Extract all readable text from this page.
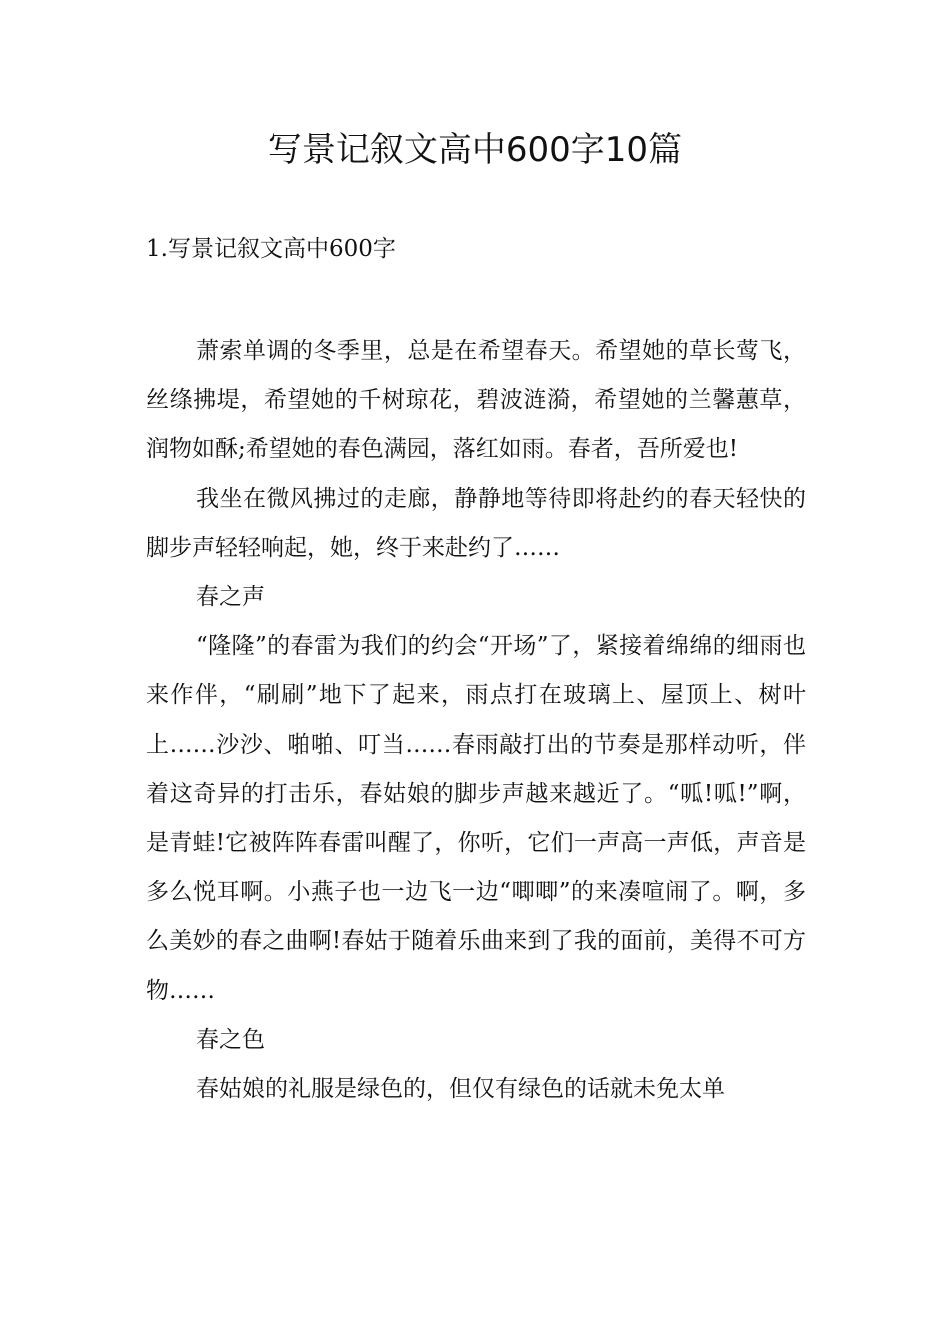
写景记叙文高中600字10篇
1.写景记叙文高中600字

萧索单调的冬季里，总是在希望春天。希望她的草长莺飞，丝绦拂堤，希望她的千树琼花，碧波涟漪，希望她的兰馨蕙草，润物如酥;希望她的春色满园，落红如雨。春者，吾所爱也!

我坐在微风拂过的走廊，静静地等待即将赴约的春天轻快的脚步声轻轻响起，她，终于来赴约了……

春之声

“隆隆”的春雷为我们的约会“开场”了，紧接着绵绵的细雨也来作伴，“刷刷”地下了起来，雨点打在玻璃上、屋顶上、树叶上……沙沙、啪啪、叮当……春雨敲打出的节奏是那样动听，伴着这奇异的打击乐，春姑娘的脚步声越来越近了。“呱!呱!”啊，是青蛙!它被阵阵春雷叫醒了，你听，它们一声高一声低，声音是多么悦耳啊。小燕子也一边飞一边“唧唧”的来凑喧闹了。啊，多么美妙的春之曲啊!春姑于随着乐曲来到了我的面前，美得不可方物……

春之色

春姑娘的礼服是绿色的，但仅有绿色的话就未免太单
